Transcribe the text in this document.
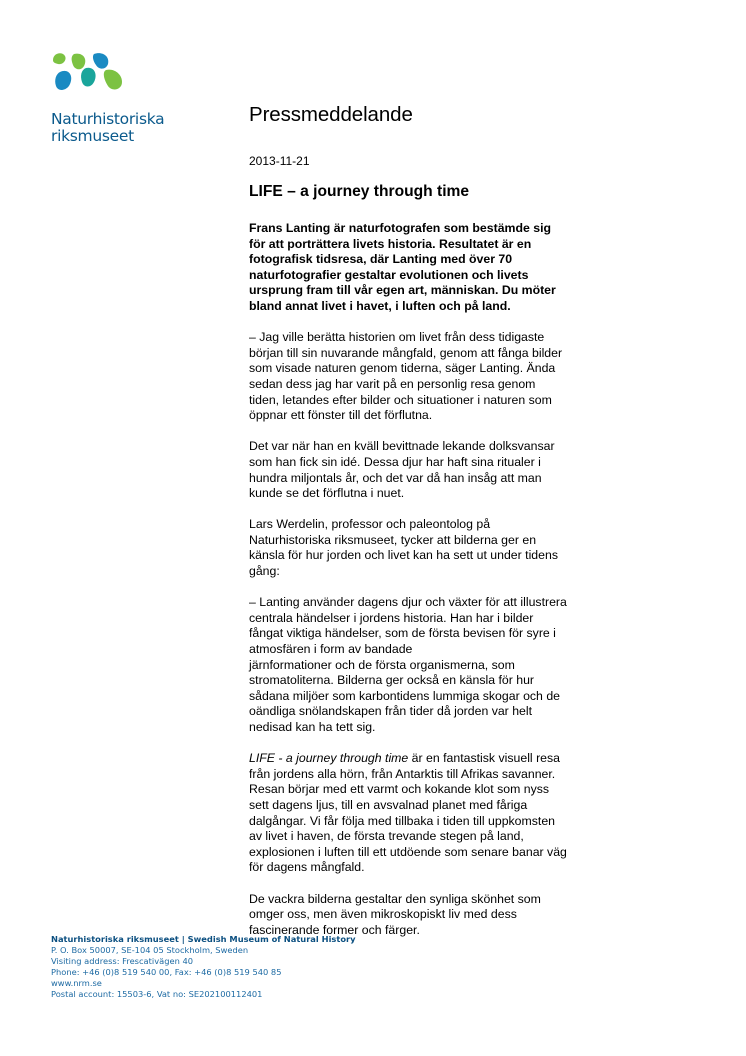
Naturhistoriska
riksmuseet
Pressmeddelande
2013-11-21
LIFE – a journey through time

Frans Lanting är naturfotografen som bestämde sig
för att porträttera livets historia. Resultatet är en
fotografisk tidsresa, där Lanting med över 70
naturfotografier gestaltar evolutionen och livets
ursprung fram till vår egen art, människan. Du möter
bland annat livet i havet, i luften och på land.

– Jag ville berätta historien om livet från dess tidigaste
början till sin nuvarande mångfald, genom att fånga bilder
som visade naturen genom tiderna, säger Lanting. Ända
sedan dess jag har varit på en personlig resa genom
tiden, letandes efter bilder och situationer i naturen som
öppnar ett fönster till det förflutna.

Det var när han en kväll bevittnade lekande dolksvansar
som han fick sin idé. Dessa djur har haft sina ritualer i
hundra miljontals år, och det var då han insåg att man
kunde se det förflutna i nuet.

Lars Werdelin, professor och paleontolog på
Naturhistoriska riksmuseet, tycker att bilderna ger en
känsla för hur jorden och livet kan ha sett ut under tidens
gång:

– Lanting använder dagens djur och växter för att illustrera
centrala händelser i jordens historia. Han har i bilder
fångat viktiga händelser, som de första bevisen för syre i
atmosfären i form av bandade
järnformationer och de första organismerna, som
stromatoliterna. Bilderna ger också en känsla för hur
sådana miljöer som karbontidens lummiga skogar och de
oändliga snölandskapen från tider då jorden var helt
nedisad kan ha tett sig.

LIFE - a journey through time är en fantastisk visuell resa
från jordens alla hörn, från Antarktis till Afrikas savanner.
Resan börjar med ett varmt och kokande klot som nyss
sett dagens ljus, till en avsvalnad planet med fåriga
dalgångar. Vi får följa med tillbaka i tiden till uppkomsten
av livet i haven, de första trevande stegen på land,
explosionen i luften till ett utdöende som senare banar väg
för dagens mångfald.

De vackra bilderna gestaltar den synliga skönhet som
omger oss, men även mikroskopiskt liv med dess
fascinerande former och färger.

Naturhistoriska riksmuseet | Swedish Museum of Natural History
P. O. Box 50007, SE-104 05 Stockholm, Sweden
Visiting address: Frescativägen 40
Phone: +46 (0)8 519 540 00, Fax: +46 (0)8 519 540 85
www.nrm.se
Postal account: 15503-6, Vat no: SE202100112401
